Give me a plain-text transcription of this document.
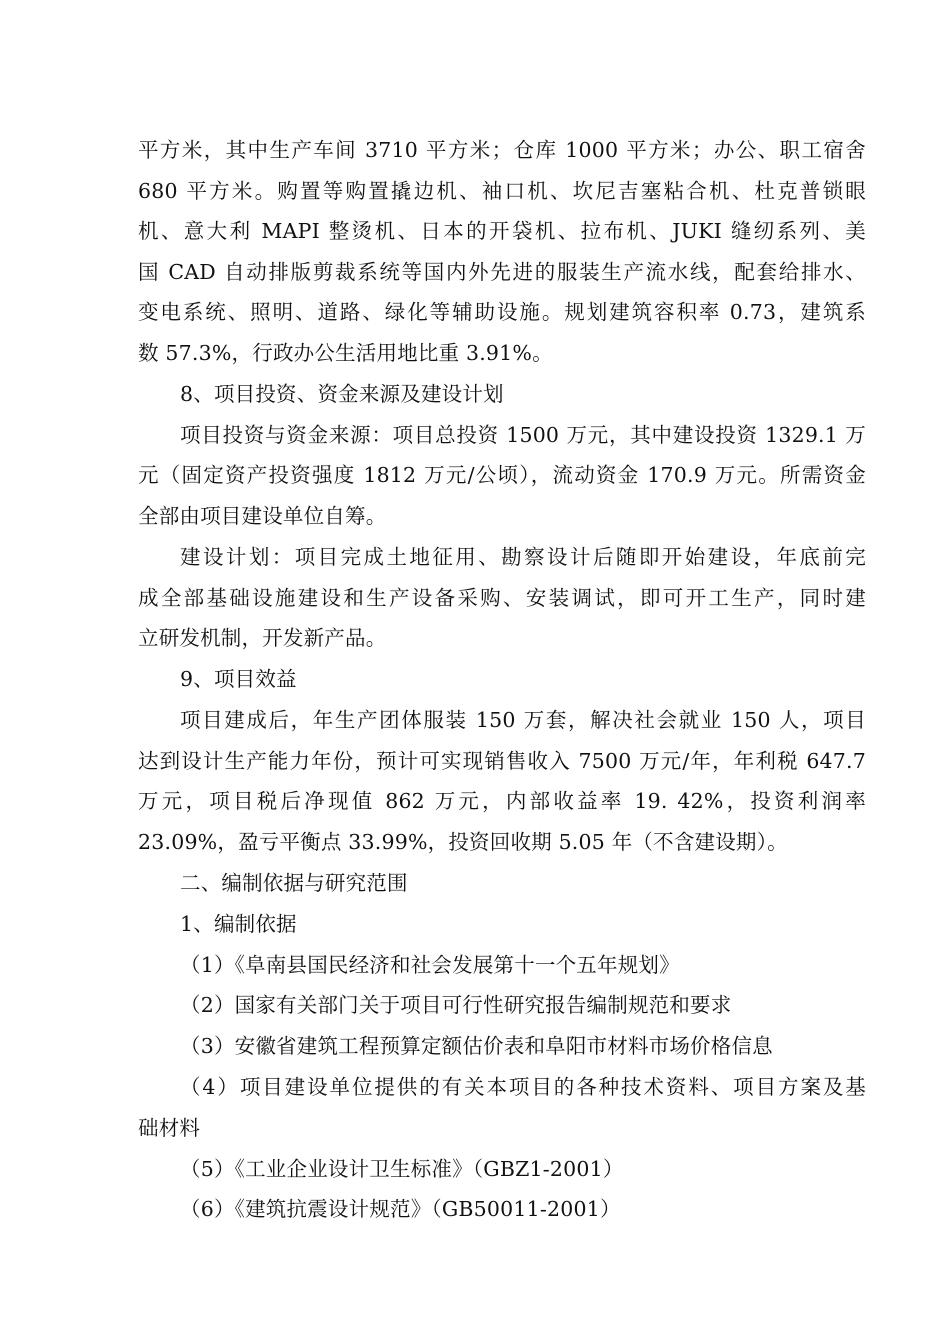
平方米，其中生产车间 3710 平方米；仓库 1000 平方米；办公、职工宿舍
680 平方米。购置等购置撬边机、袖口机、坎尼吉塞粘合机、杜克普锁眼
机、意大利 MAPI 整烫机、日本的开袋机、拉布机、JUKI 缝纫系列、美
国 CAD 自动排版剪裁系统等国内外先进的服装生产流水线，配套给排水、
变电系统、照明、道路、绿化等辅助设施。规划建筑容积率 0.73，建筑系
数 57.3%，行政办公生活用地比重 3.91%。
8、项目投资、资金来源及建设计划
项目投资与资金来源：项目总投资 1500 万元，其中建设投资 1329.1 万
元（固定资产投资强度 1812 万元/公顷），流动资金 170.9 万元。所需资金
全部由项目建设单位自筹。
建设计划：项目完成土地征用、勘察设计后随即开始建设，年底前完
成全部基础设施建设和生产设备采购、安装调试，即可开工生产，同时建
立研发机制，开发新产品。
9、项目效益
项目建成后，年生产团体服装 150 万套，解决社会就业 150 人，项目
达到设计生产能力年份，预计可实现销售收入 7500 万元/年，年利税 647.7
万元，项目税后净现值 862 万元，内部收益率 19. 42%，投资利润率
23.09%，盈亏平衡点 33.99%，投资回收期 5.05 年（不含建设期）。
二、编制依据与研究范围
1、编制依据
（1）《阜南县国民经济和社会发展第十一个五年规划》
（2）国家有关部门关于项目可行性研究报告编制规范和要求
（3）安徽省建筑工程预算定额估价表和阜阳市材料市场价格信息
（4）项目建设单位提供的有关本项目的各种技术资料、项目方案及基
础材料
（5）《工业企业设计卫生标准》（GBZ1-2001）
（6）《建筑抗震设计规范》（GB50011-2001）
